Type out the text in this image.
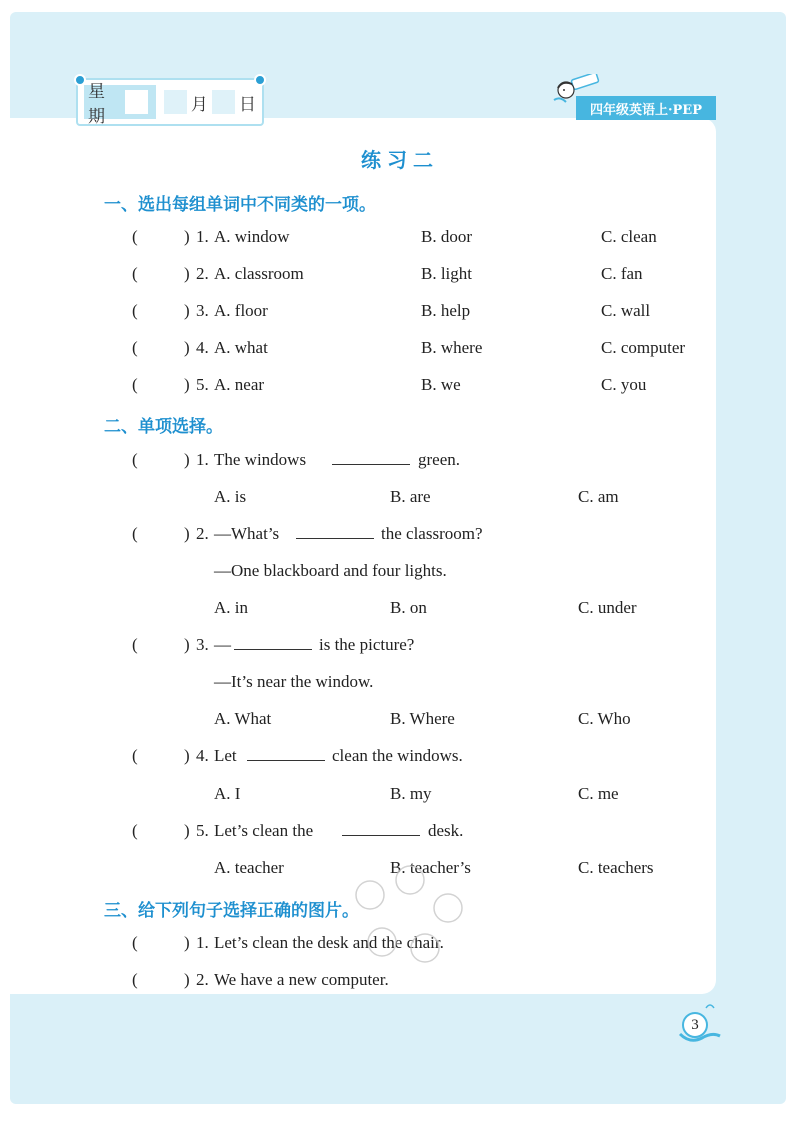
星期
月 日	四年级英语上·PEP
练习二
一、选出每组单词中不同类的一项。
(	) 1. A. window	B. door	C. clean
(	) 2. A. classroom	B. light	C. fan
(	) 3. A. floor	B. help	C. wall
(	) 4. A. what	B. where	C. computer
(	) 5. A. near	B. we	C. you
二、单项选择。
(	) 1. The windows	green.
A. is	B. are	C. am
(	) 2. —What’s	the classroom?
—One blackboard and four lights.
A. in	B. on	C. under
(	) 3. —	is the picture?
—It’s near the window.
A. What	B. Where	C. Who
(	) 4. Let	clean the windows.
A. I	B. my	C. me
(	) 5. Let’s clean the	desk.
A. teacher	B. teacher’s	C. teachers
三、给下列句子选择正确的图片。
(	) 1. Let’s clean the desk and the chair.
(	) 2. We have a new computer.
3
